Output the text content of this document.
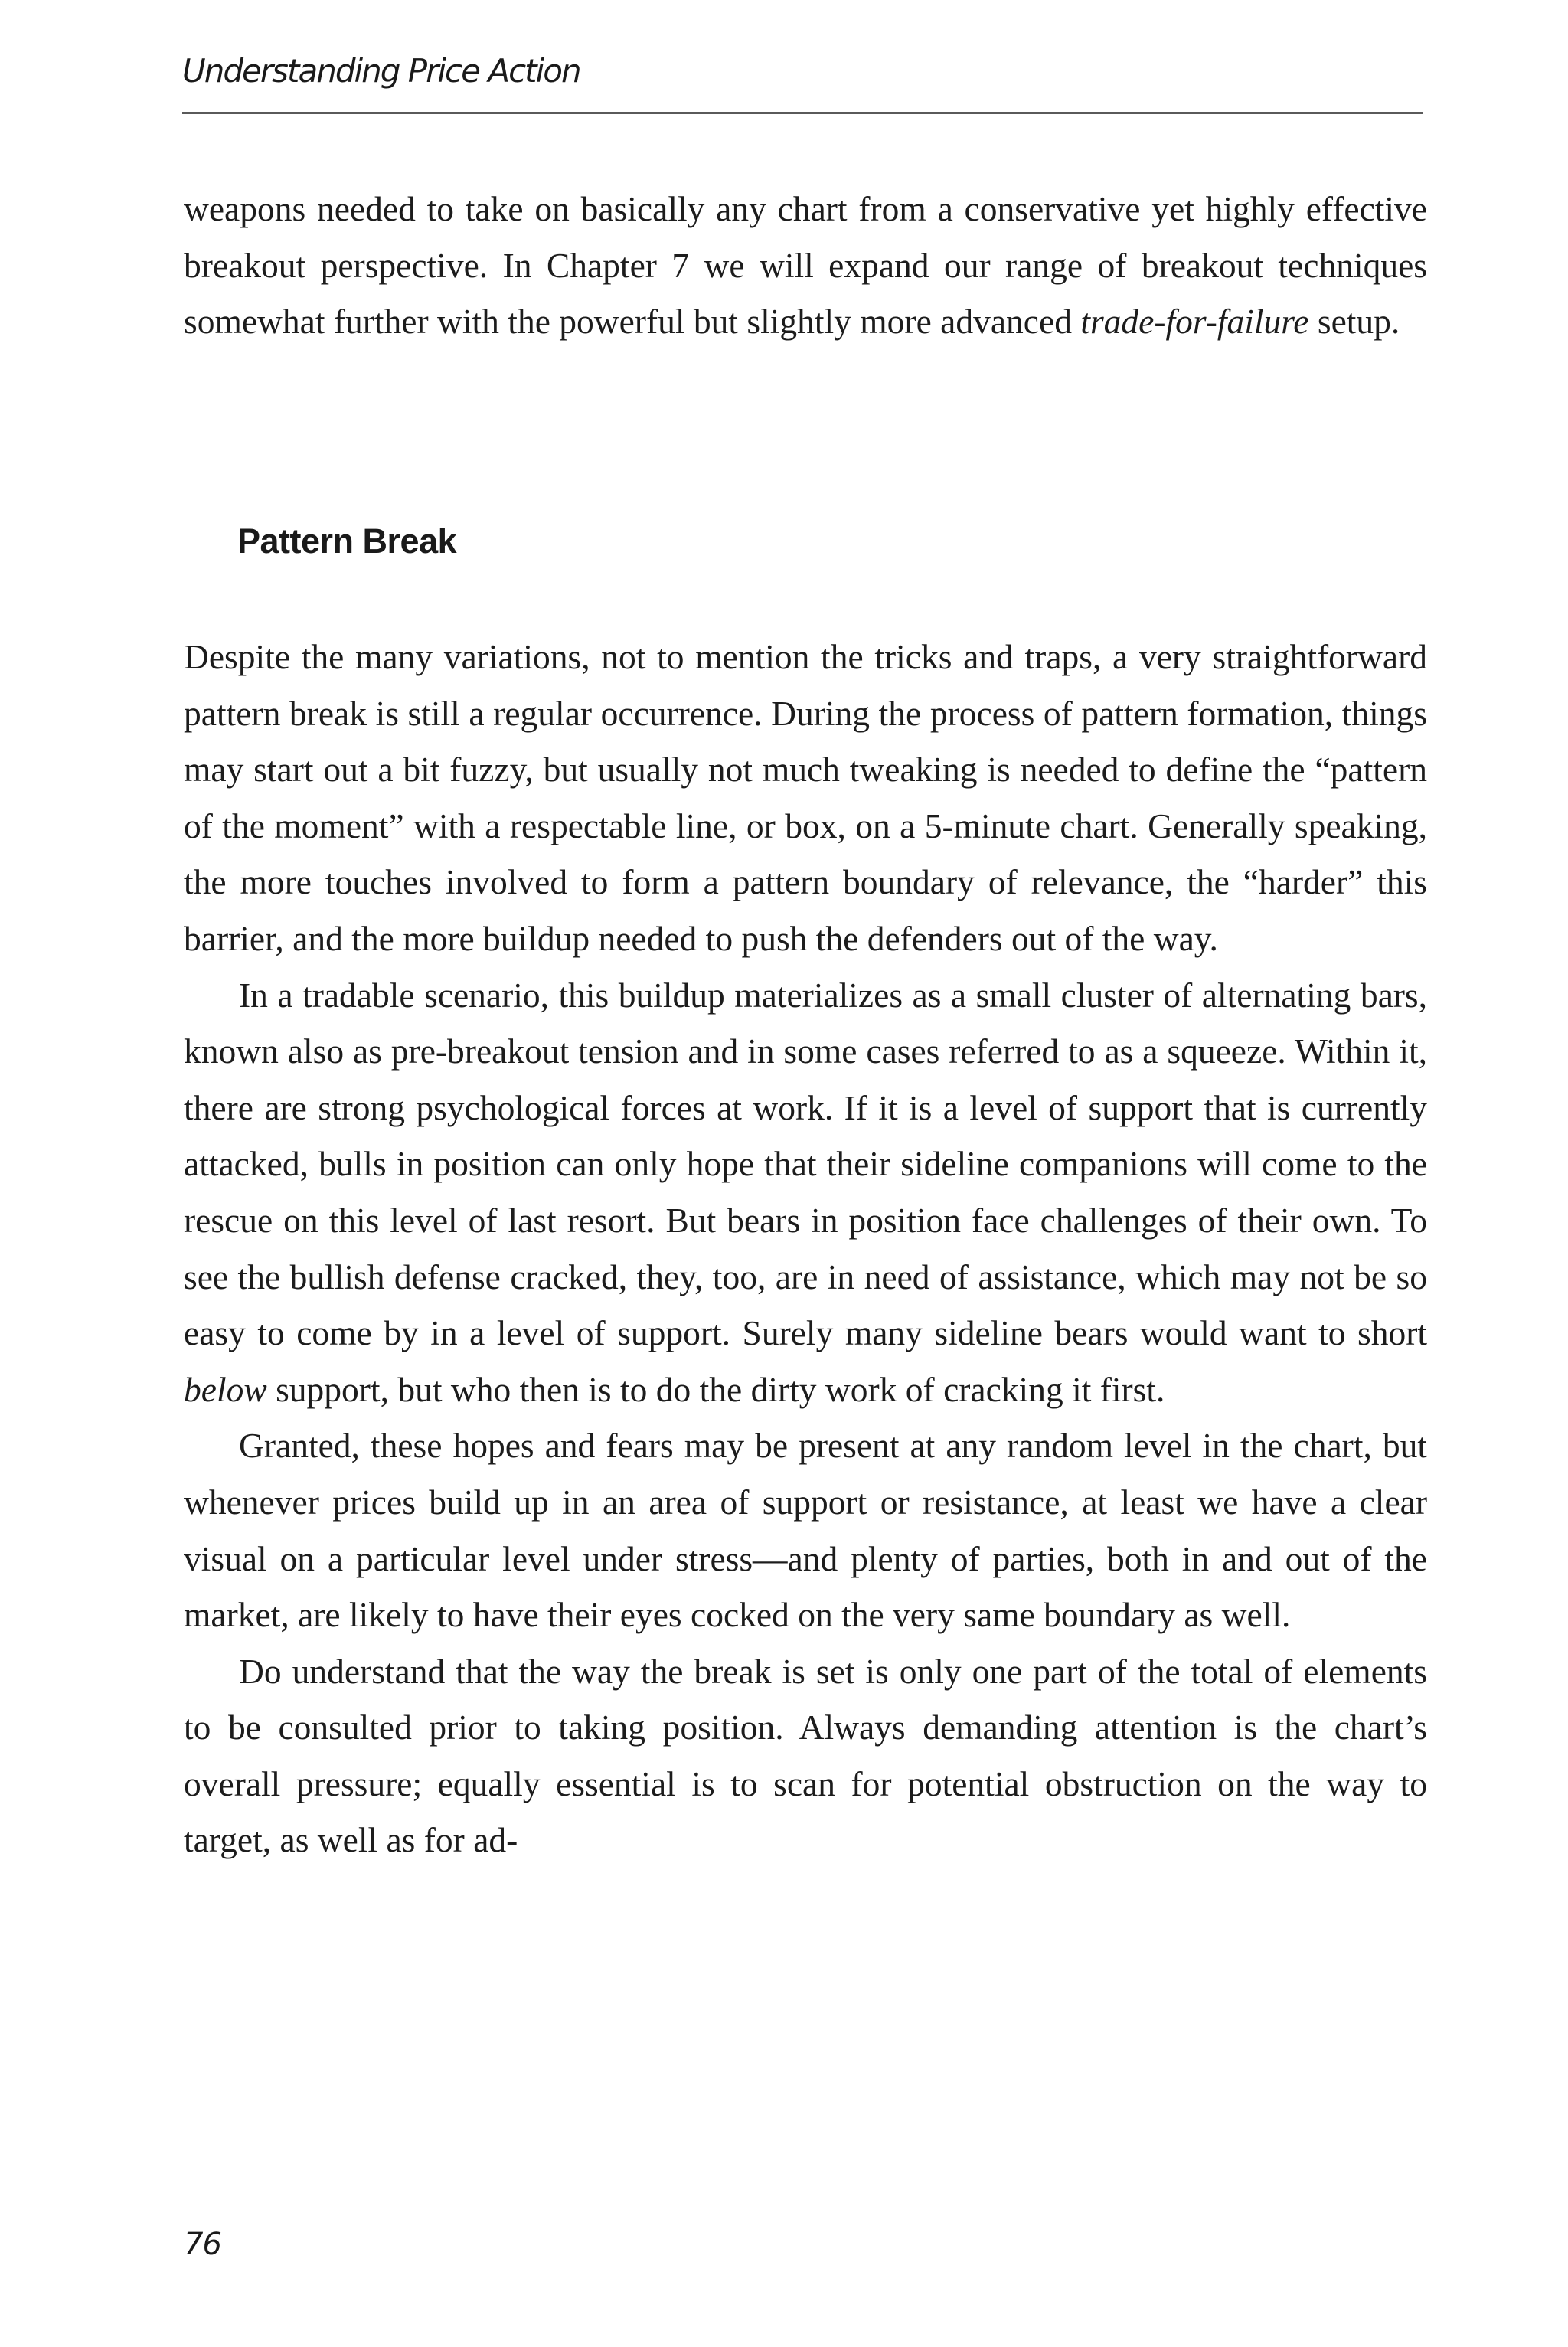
Understanding Price Action

weapons needed to take on basically any chart from a conservative yet highly effective breakout perspective. In Chapter 7 we will expand our range of breakout techniques somewhat further with the powerful but slightly more advanced trade-for-failure setup.

Pattern Break

Despite the many variations, not to mention the tricks and traps, a very straightforward pattern break is still a regular occurrence. During the process of pattern formation, things may start out a bit fuzzy, but usually not much tweaking is needed to define the “pattern of the moment” with a respectable line, or box, on a 5-minute chart. Generally speaking, the more touches involved to form a pattern boundary of relevance, the “harder” this barrier, and the more buildup needed to push the defenders out of the way.

In a tradable scenario, this buildup materializes as a small cluster of alternating bars, known also as pre-breakout tension and in some cases referred to as a squeeze. Within it, there are strong psychological forces at work. If it is a level of support that is currently attacked, bulls in position can only hope that their sideline companions will come to the rescue on this level of last resort. But bears in position face challenges of their own. To see the bullish defense cracked, they, too, are in need of assistance, which may not be so easy to come by in a level of support. Surely many sideline bears would want to short below support, but who then is to do the dirty work of cracking it first.

Granted, these hopes and fears may be present at any random level in the chart, but whenever prices build up in an area of support or resistance, at least we have a clear visual on a particular level under stress—and plenty of parties, both in and out of the market, are likely to have their eyes cocked on the very same boundary as well.

Do understand that the way the break is set is only one part of the total of elements to be consulted prior to taking position. Always demanding attention is the chart’s overall pressure; equally essential is to scan for potential obstruction on the way to target, as well as for ad-

76
